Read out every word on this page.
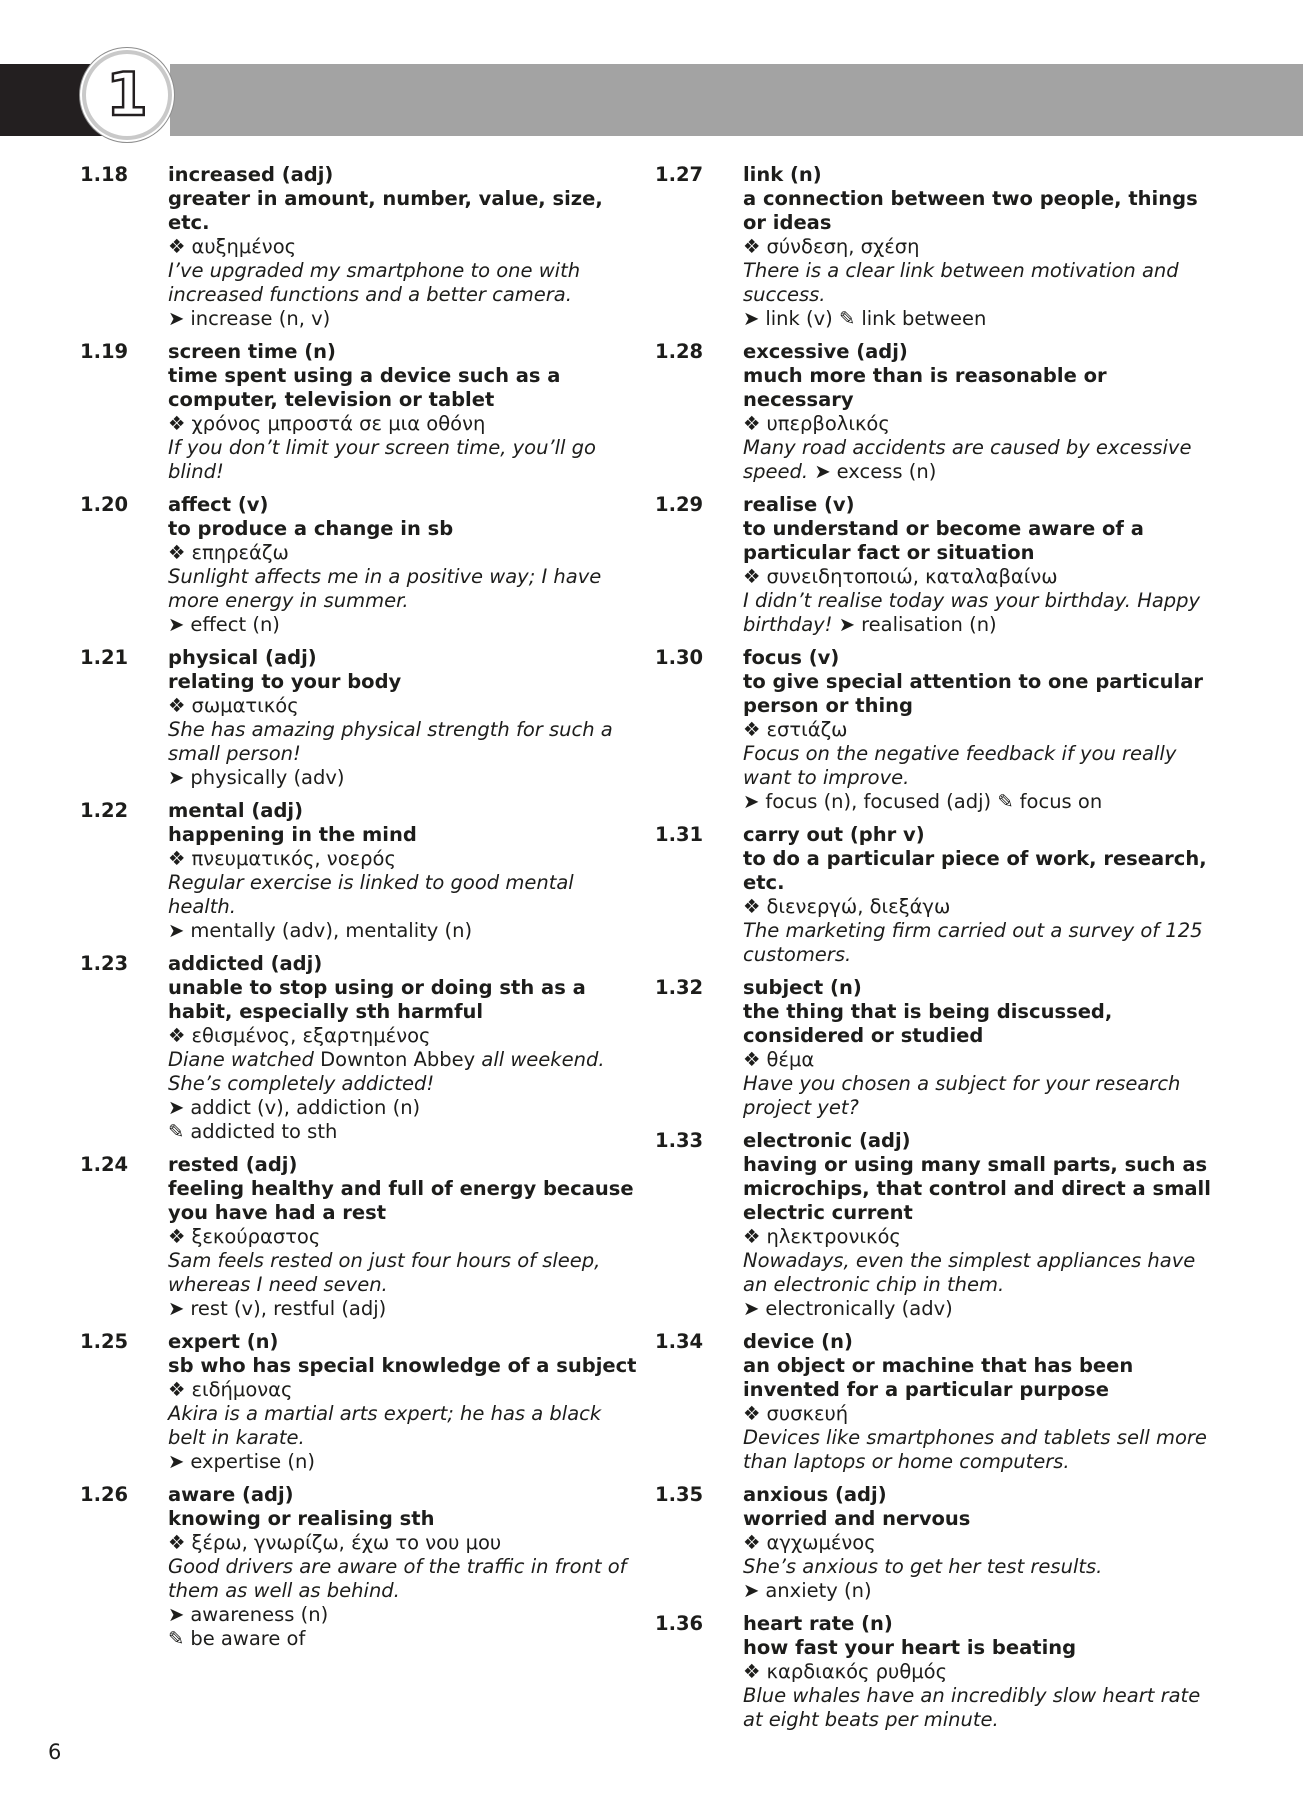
1
1.18	increased (adj)
greater in amount, number, value, size, etc.
❖ αυξημένος
I’ve upgraded my smartphone to one with increased functions and a better camera.
➤ increase (n, v)
1.19	screen time (n)
time spent using a device such as a computer, television or tablet
❖ χρόνος μπροστά σε μια οθόνη
If you don’t limit your screen time, you’ll go blind!
1.20	affect (v)
to produce a change in sb
❖ επηρεάζω
Sunlight affects me in a positive way; I have more energy in summer.
➤ effect (n)
1.21	physical (adj)
relating to your body
❖ σωματικός
She has amazing physical strength for such a small person!
➤ physically (adv)
1.22	mental (adj)
happening in the mind
❖ πνευματικός, νοερός
Regular exercise is linked to good mental health.
➤ mentally (adv), mentality (n)
1.23	addicted (adj)
unable to stop using or doing sth as a habit, especially sth harmful
❖ εθισμένος, εξαρτημένος
Diane watched Downton Abbey all weekend. She’s completely addicted!
➤ addict (v), addiction (n)
✎ addicted to sth
1.24	rested (adj)
feeling healthy and full of energy because you have had a rest
❖ ξεκούραστος
Sam feels rested on just four hours of sleep, whereas I need seven.
➤ rest (v), restful (adj)
1.25	expert (n)
sb who has special knowledge of a subject
❖ ειδήμονας
Akira is a martial arts expert; he has a black belt in karate.
➤ expertise (n)
1.26	aware (adj)
knowing or realising sth
❖ ξέρω, γνωρίζω, έχω το νου μου
Good drivers are aware of the traffic in front of them as well as behind.
➤ awareness (n)
✎ be aware of
1.27	link (n)
a connection between two people, things or ideas
❖ σύνδεση, σχέση
There is a clear link between motivation and success.
➤ link (v) ✎ link between
1.28	excessive (adj)
much more than is reasonable or necessary
❖ υπερβολικός
Many road accidents are caused by excessive speed. ➤ excess (n)
1.29	realise (v)
to understand or become aware of a particular fact or situation
❖ συνειδητοποιώ, καταλαβαίνω
I didn’t realise today was your birthday. Happy birthday! ➤ realisation (n)
1.30	focus (v)
to give special attention to one particular person or thing
❖ εστιάζω
Focus on the negative feedback if you really want to improve.
➤ focus (n), focused (adj) ✎ focus on
1.31	carry out (phr v)
to do a particular piece of work, research, etc.
❖ διενεργώ, διεξάγω
The marketing firm carried out a survey of 125 customers.
1.32	subject (n)
the thing that is being discussed, considered or studied
❖ θέμα
Have you chosen a subject for your research project yet?
1.33	electronic (adj)
having or using many small parts, such as microchips, that control and direct a small electric current
❖ ηλεκτρονικός
Nowadays, even the simplest appliances have an electronic chip in them.
➤ electronically (adv)
1.34	device (n)
an object or machine that has been invented for a particular purpose
❖ συσκευή
Devices like smartphones and tablets sell more than laptops or home computers.
1.35	anxious (adj)
worried and nervous
❖ αγχωμένος
She’s anxious to get her test results.
➤ anxiety (n)
1.36	heart rate (n)
how fast your heart is beating
❖ καρδιακός ρυθμός
Blue whales have an incredibly slow heart rate at eight beats per minute.
6
